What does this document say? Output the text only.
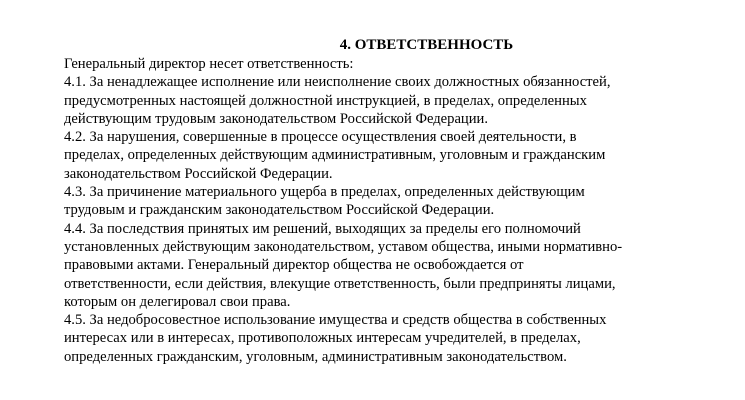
4. ОТВЕТСТВЕННОСТЬ
Генеральный директор несет ответственность:
4.1. За ненадлежащее исполнение или неисполнение своих должностных обязанностей,
предусмотренных настоящей должностной инструкцией, в пределах, определенных
действующим трудовым законодательством Российской Федерации.
4.2. За нарушения, совершенные в процессе осуществления своей деятельности, в
пределах, определенных действующим административным, уголовным и гражданским
законодательством Российской Федерации.
4.3. За причинение материального ущерба в пределах, определенных действующим
трудовым и гражданским законодательством Российской Федерации.
4.4. За последствия принятых им решений, выходящих за пределы его полномочий
установленных действующим законодательством, уставом общества, иными нормативно-
правовыми актами. Генеральный директор общества не освобождается от
ответственности, если действия, влекущие ответственность, были предприняты лицами,
которым он делегировал свои права.
4.5. За недобросовестное использование имущества и средств общества в собственных
интересах или в интересах, противоположных интересам учредителей, в пределах,
определенных гражданским, уголовным, административным законодательством.
